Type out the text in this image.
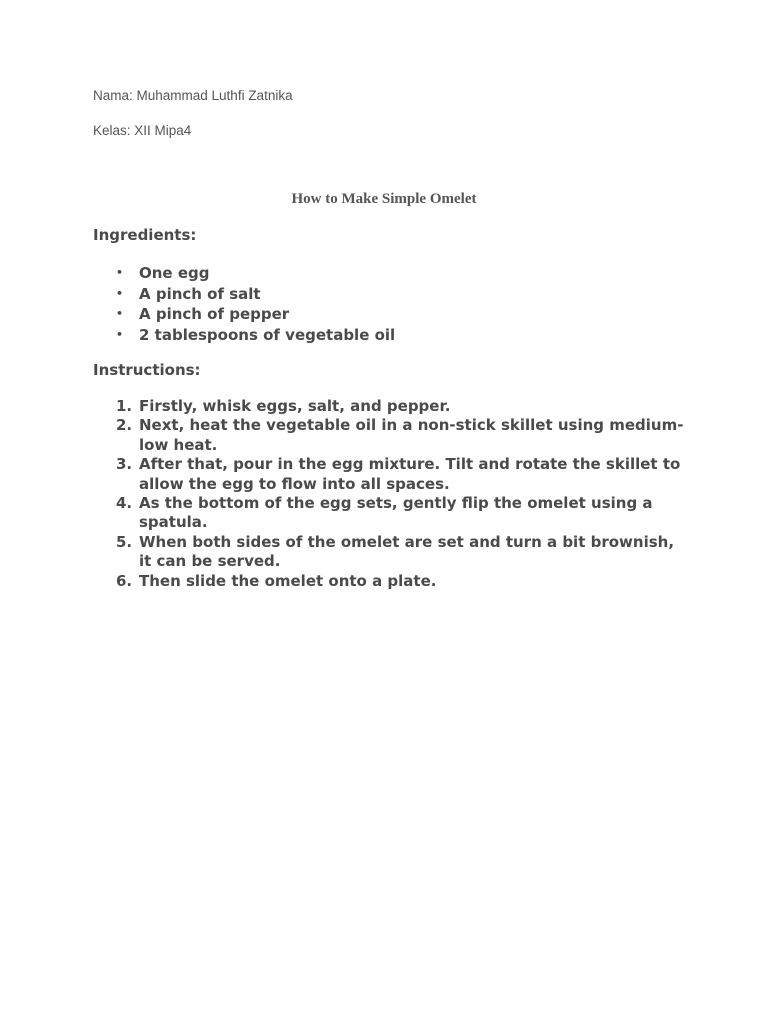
Nama: Muhammad Luthfi Zatnika
Kelas: XII Mipa4
How to Make Simple Omelet
Ingredients:
• One egg
• A pinch of salt
• A pinch of pepper
• 2 tablespoons of vegetable oil
Instructions:
1. Firstly, whisk eggs, salt, and pepper.
2. Next, heat the vegetable oil in a non-stick skillet using medium-low heat.
3. After that, pour in the egg mixture. Tilt and rotate the skillet to allow the egg to flow into all spaces.
4. As the bottom of the egg sets, gently flip the omelet using a spatula.
5. When both sides of the omelet are set and turn a bit brownish, it can be served.
6. Then slide the omelet onto a plate.
